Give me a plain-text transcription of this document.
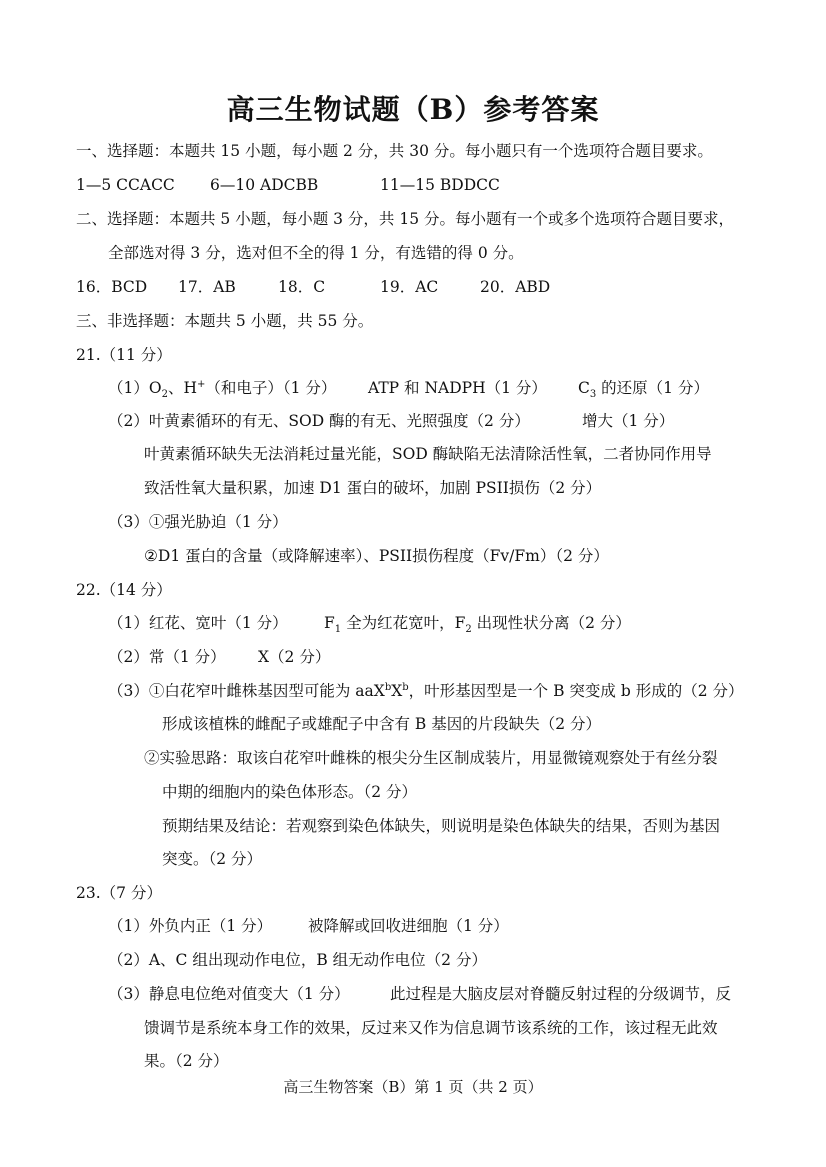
高三生物试题（B）参考答案
一、选择题：本题共 15 小题，每小题 2 分，共 30 分。每小题只有一个选项符合题目要求。
1—5 CCACC 6—10 ADCBB	11—15 BDDCC
二、选择题：本题共 5 小题，每小题 3 分，共 15 分。每小题有一个或多个选项符合题目要求，
全部选对得 3 分，选对但不全的得 1 分，有选错的得 0 分。
16．BCD 17．AB	18．C	19．AC	20．ABD
三、非选择题：本题共 5 小题，共 55 分。
21.（11 分）
$(1)O_2$、H+（和电子）（1 分） ATP 和 NADPH（1 分） $C_3$ 的还原（1 分）
（2）叶黄素循环的有无、SOD 酶的有无、光照强度（2 分）	增大（1 分）
叶黄素循环缺失无法消耗过量光能，SOD 酶缺陷无法清除活性氧，二者协同作用导
致活性氧大量积累，加速 D1 蛋白的破坏，加剧 PSII损伤（2 分）
（3）①强光胁迫（1 分）
②D1 蛋白的含量（或降解速率）、PSII损伤程度（Fv/Fm）（2 分）
22.（14 分）
（1）红花、宽叶（1 分） $F_1$ 全为红花宽叶，$F_2$ 出现性状分离（2 分）
（2）常（1 分） X（2 分）
（3）①白花窄叶雌株基因型可能为 $aaX^bX^b$，叶形基因型是一个 B 突变成 b 形成的（2 分）
形成该植株的雌配子或雄配子中含有 B 基因的片段缺失（2 分）
②实验思路：取该白花窄叶雌株的根尖分生区制成装片，用显微镜观察处于有丝分裂
中期的细胞内的染色体形态。（2 分）
预期结果及结论：若观察到染色体缺失，则说明是染色体缺失的结果，否则为基因
突变。（2 分）
23.（7 分）
（1）外负内正（1 分） 被降解或回收进细胞（1 分）
（2）A、C 组出现动作电位，B 组无动作电位（2 分）
（3）静息电位绝对值变大（1 分）	此过程是大脑皮层对脊髓反射过程的分级调节，反
馈调节是系统本身工作的效果，反过来又作为信息调节该系统的工作，该过程无此效
果。（2 分）
高三生物答案（B）第 1 页（共 2 页）
